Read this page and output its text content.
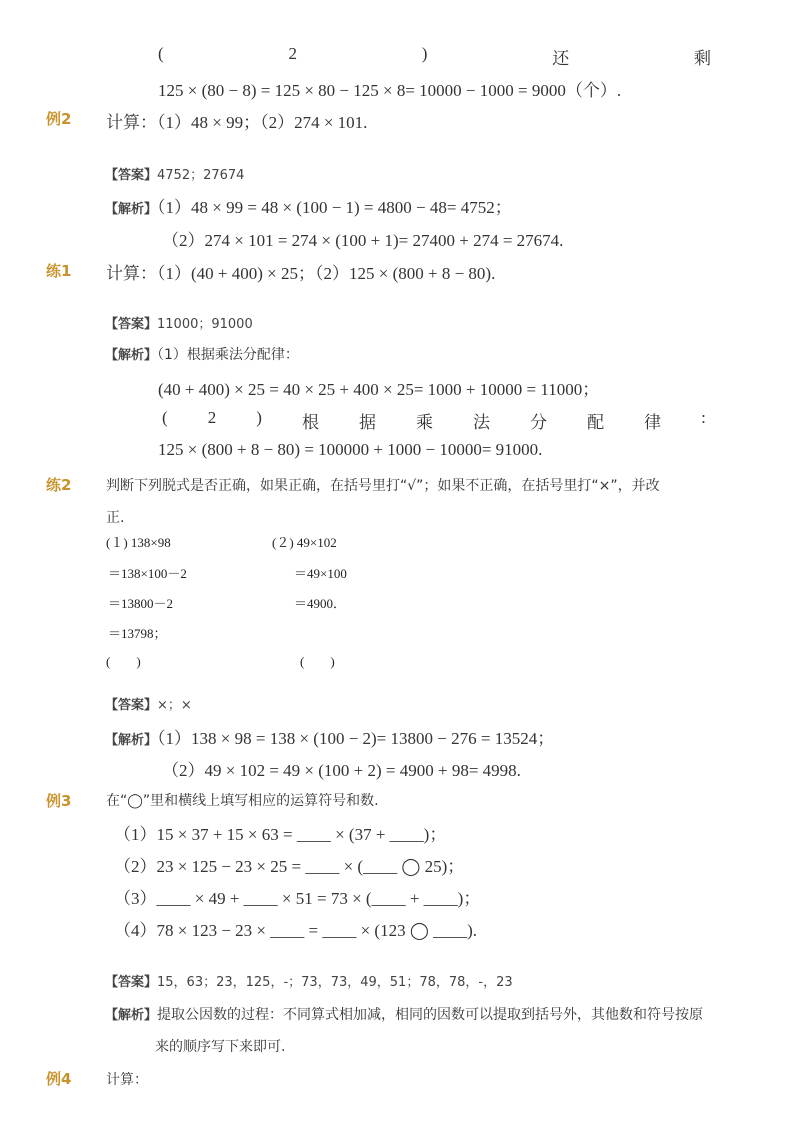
(	2	)	还	剩
125 × (80 − 8) = 125 × 80 − 125 × 8= 10000 − 1000 = 9000（个）.
例2 计算：（1）48 × 99；（2）274 × 101.
【答案】4752；27674
【解析】（1）48 × 99 = 48 × (100 − 1) = 4800 − 48= 4752；
（2）274 × 101 = 274 × (100 + 1)= 27400 + 274 = 27674.
练1 计算：（1）(40 + 400) × 25；（2）125 × (800 + 8 − 80).
【答案】11000；91000
【解析】（1）根据乘法分配律：
(40 + 400) × 25 = 40 × 25 + 400 × 25= 1000 + 10000 = 11000；
( 2 ) 根 据 乘 法 分 配 律 :
125 × (800 + 8 − 80) = 100000 + 1000 − 10000= 91000.
练2 判断下列脱式是否正确，如果正确，在括号里打“√”；如果不正确，在括号里打“×”，并改
正.
(１) 138×98
＝138×100－2
＝13800－2
＝13798；
(　　)
(２) 49×102
＝49×100
＝4900．
(　　)
【答案】×；×
【解析】（1）138 × 98 = 138 × (100 − 2)= 13800 − 276 = 13524；
（2）49 × 102 = 49 × (100 + 2) = 4900 + 98= 4998.
例3 在“◯”里和横线上填写相应的运算符号和数.
（1）15 × 37 + 15 × 63 = ____ × (37 + ____)；
（2）23 × 125 − 23 × 25 = ____ × (____ ◯ 25)；
（3）____ × 49 + ____ × 51 = 73 × (____ + ____)；
（4）78 × 123 − 23 × ____ = ____ × (123 ◯ ____).
【答案】15，63；23，125，-；73，73，49，51；78，78，-，23
【解析】提取公因数的过程：不同算式相加减，相同的因数可以提取到括号外，其他数和符号按原
来的顺序写下来即可.
例4 计算：
